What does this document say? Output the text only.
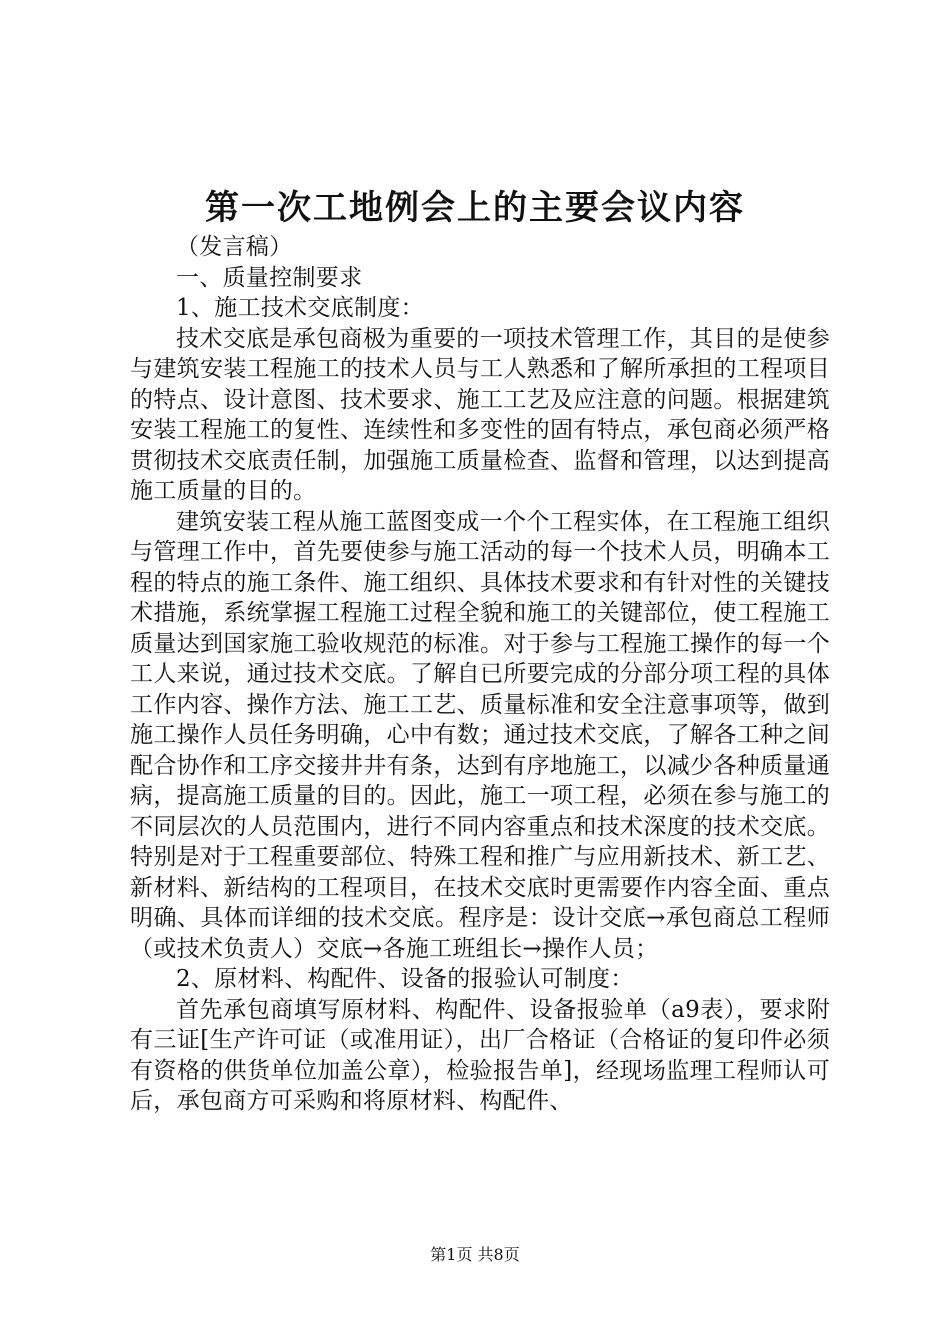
第一次工地例会上的主要会议内容

（发言稿）

一、质量控制要求

1、施工技术交底制度：

技术交底是承包商极为重要的一项技术管理工作，其目的是使参与建筑安装工程施工的技术人员与工人熟悉和了解所承担的工程项目的特点、设计意图、技术要求、施工工艺及应注意的问题。根据建筑安装工程施工的复性、连续性和多变性的固有特点，承包商必须严格贯彻技术交底责任制，加强施工质量检查、监督和管理，以达到提高施工质量的目的。

建筑安装工程从施工蓝图变成一个个工程实体，在工程施工组织与管理工作中，首先要使参与施工活动的每一个技术人员，明确本工程的特点的施工条件、施工组织、具体技术要求和有针对性的关键技术措施，系统掌握工程施工过程全貌和施工的关键部位，使工程施工质量达到国家施工验收规范的标准。对于参与工程施工操作的每一个工人来说，通过技术交底。了解自已所要完成的分部分项工程的具体工作内容、操作方法、施工工艺、质量标准和安全注意事项等，做到施工操作人员任务明确，心中有数；通过技术交底，了解各工种之间配合协作和工序交接井井有条，达到有序地施工，以减少各种质量通病，提高施工质量的目的。因此，施工一项工程，必须在参与施工的不同层次的人员范围内，进行不同内容重点和技术深度的技术交底。特别是对于工程重要部位、特殊工程和推广与应用新技术、新工艺、新材料、新结构的工程项目，在技术交底时更需要作内容全面、重点明确、具体而详细的技术交底。程序是：设计交底→承包商总工程师（或技术负责人）交底→各施工班组长→操作人员；

2、原材料、构配件、设备的报验认可制度：

首先承包商填写原材料、构配件、设备报验单（a9表），要求附有三证[生产许可证（或准用证），出厂合格证（合格证的复印件必须有资格的供货单位加盖公章），检验报告单]，经现场监理工程师认可后，承包商方可采购和将原材料、构配件、

第1页 共8页
